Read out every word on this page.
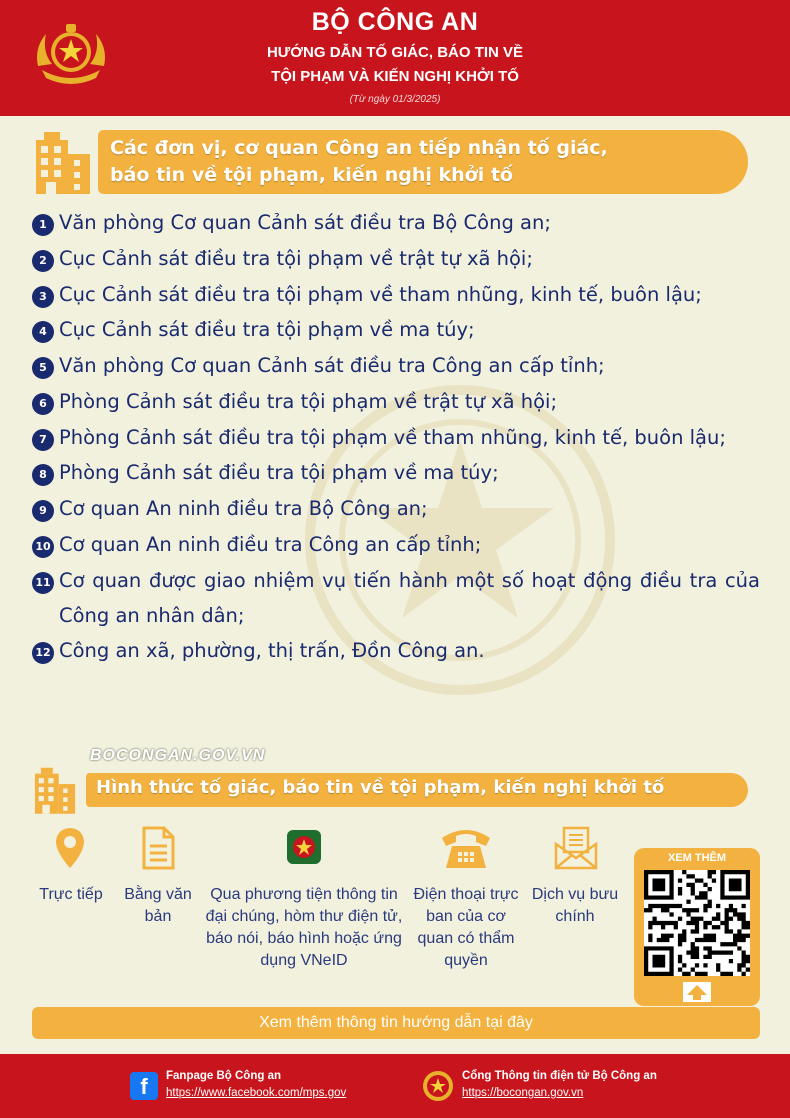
BỘ CÔNG AN
HƯỚNG DẪN TỐ GIÁC, BÁO TIN VỀ
TỘI PHẠM VÀ KIẾN NGHỊ KHỞI TỐ
(Từ ngày 01/3/2025)
Các đơn vị, cơ quan Công an tiếp nhận tố giác,
báo tin về tội phạm, kiến nghị khởi tố
1 Văn phòng Cơ quan Cảnh sát điều tra Bộ Công an;
2 Cục Cảnh sát điều tra tội phạm về trật tự xã hội;
3 Cục Cảnh sát điều tra tội phạm về tham nhũng, kinh tế, buôn lậu;
4 Cục Cảnh sát điều tra tội phạm về ma túy;
5 Văn phòng Cơ quan Cảnh sát điều tra Công an cấp tỉnh;
6 Phòng Cảnh sát điều tra tội phạm về trật tự xã hội;
7 Phòng Cảnh sát điều tra tội phạm về tham nhũng, kinh tế, buôn lậu;
8 Phòng Cảnh sát điều tra tội phạm về ma túy;
9 Cơ quan An ninh điều tra Bộ Công an;
10 Cơ quan An ninh điều tra Công an cấp tỉnh;
11 Cơ quan được giao nhiệm vụ tiến hành một số hoạt động điều tra của Công an nhân dân;
12 Công an xã, phường, thị trấn, Đồn Công an.
BOCONGAN.GOV.VN
Hình thức tố giác, báo tin về tội phạm, kiến nghị khởi tố
Trực tiếp	Bằng văn bản
Qua phương tiện thông tin đại chúng, hòm thư điện tử, báo nói, báo hình hoặc ứng dụng VNeID
Điện thoại trực ban của cơ quan có thẩm quyền
Dịch vụ bưu chính
XEM THÊM
Xem thêm thông tin hướng dẫn tại đây
f	Fanpage Bộ Công an
https://www.facebook.com/mps.gov
Cổng Thông tin điện tử Bộ Công an
https://bocongan.gov.vn
